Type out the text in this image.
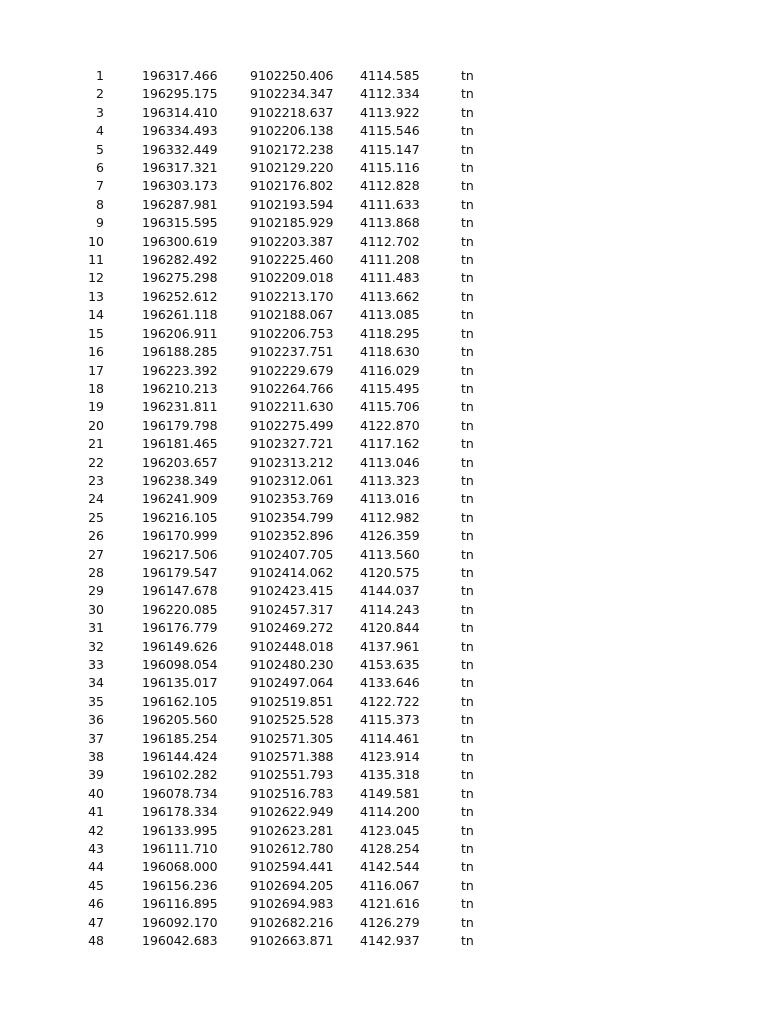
1	196317.466	9102250.406	4114.585	tn
2	196295.175	9102234.347	4112.334	tn
3	196314.410	9102218.637	4113.922	tn
4	196334.493	9102206.138	4115.546	tn
5	196332.449	9102172.238	4115.147	tn
6	196317.321	9102129.220	4115.116	tn
7	196303.173	9102176.802	4112.828	tn
8	196287.981	9102193.594	4111.633	tn
9	196315.595	9102185.929	4113.868	tn
10	196300.619	9102203.387	4112.702	tn
11	196282.492	9102225.460	4111.208	tn
12	196275.298	9102209.018	4111.483	tn
13	196252.612	9102213.170	4113.662	tn
14	196261.118	9102188.067	4113.085	tn
15	196206.911	9102206.753	4118.295	tn
16	196188.285	9102237.751	4118.630	tn
17	196223.392	9102229.679	4116.029	tn
18	196210.213	9102264.766	4115.495	tn
19	196231.811	9102211.630	4115.706	tn
20	196179.798	9102275.499	4122.870	tn
21	196181.465	9102327.721	4117.162	tn
22	196203.657	9102313.212	4113.046	tn
23	196238.349	9102312.061	4113.323	tn
24	196241.909	9102353.769	4113.016	tn
25	196216.105	9102354.799	4112.982	tn
26	196170.999	9102352.896	4126.359	tn
27	196217.506	9102407.705	4113.560	tn
28	196179.547	9102414.062	4120.575	tn
29	196147.678	9102423.415	4144.037	tn
30	196220.085	9102457.317	4114.243	tn
31	196176.779	9102469.272	4120.844	tn
32	196149.626	9102448.018	4137.961	tn
33	196098.054	9102480.230	4153.635	tn
34	196135.017	9102497.064	4133.646	tn
35	196162.105	9102519.851	4122.722	tn
36	196205.560	9102525.528	4115.373	tn
37	196185.254	9102571.305	4114.461	tn
38	196144.424	9102571.388	4123.914	tn
39	196102.282	9102551.793	4135.318	tn
40	196078.734	9102516.783	4149.581	tn
41	196178.334	9102622.949	4114.200	tn
42	196133.995	9102623.281	4123.045	tn
43	196111.710	9102612.780	4128.254	tn
44	196068.000	9102594.441	4142.544	tn
45	196156.236	9102694.205	4116.067	tn
46	196116.895	9102694.983	4121.616	tn
47	196092.170	9102682.216	4126.279	tn
48	196042.683	9102663.871	4142.937	tn
